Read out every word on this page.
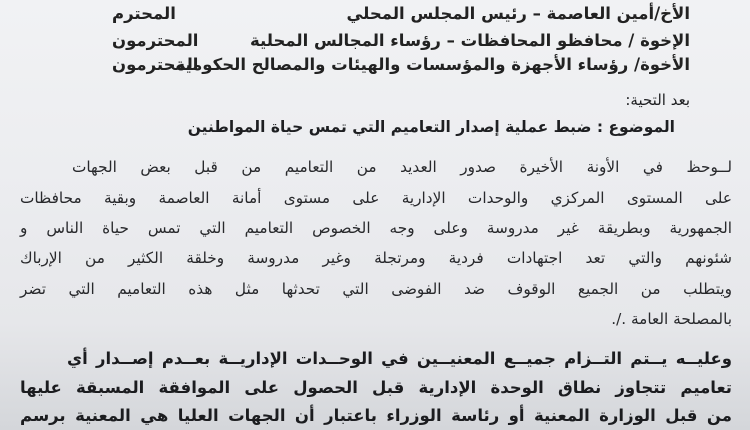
الأخ/أمين العاصمة – رئيس المجلس المحلي
المحترم
الإخوة / محافظو المحافظات – رؤساء المجالس المحلية
المحترمون
الأخوة/ رؤساء الأجهزة والمؤسسات والهيئات والمصالح الحكومية
المحترمون
بعد التحية:
الموضوع : ضبط عملية إصدار التعاميم التي تمس حياة المواطنين
لــوحظ في الأونة الأخيرة صدور العديد من التعاميم من قبل بعض الجهات
على المستوى المركزي والوحدات الإدارية على مستوى أمانة العاصمة وبقية محافظات
الجمهورية وبطريقة غير مدروسة وعلى وجه الخصوص التعاميم التي تمس حياة الناس و
شئونهم والتي تعد اجتهادات فردية ومرتجلة وغير مدروسة وخلقة الكثير من الإرباك
ويتطلب من الجميع الوقوف ضد الفوضى التي تحدثها مثل هذه التعاميم التي تضر
بالمصلحة العامة ./.
وعليــه يــتم التــزام جميــع المعنيــين في الوحــدات الإداريــة بعــدم إصــدار أي
تعاميم تتجاوز نطاق الوحدة الإدارية قبل الحصول على الموافقة المسبقة عليها
من قبل الوزارة المعنية أو رئاسة الوزراء باعتبار أن الجهات العليا هي المعنية برسم
